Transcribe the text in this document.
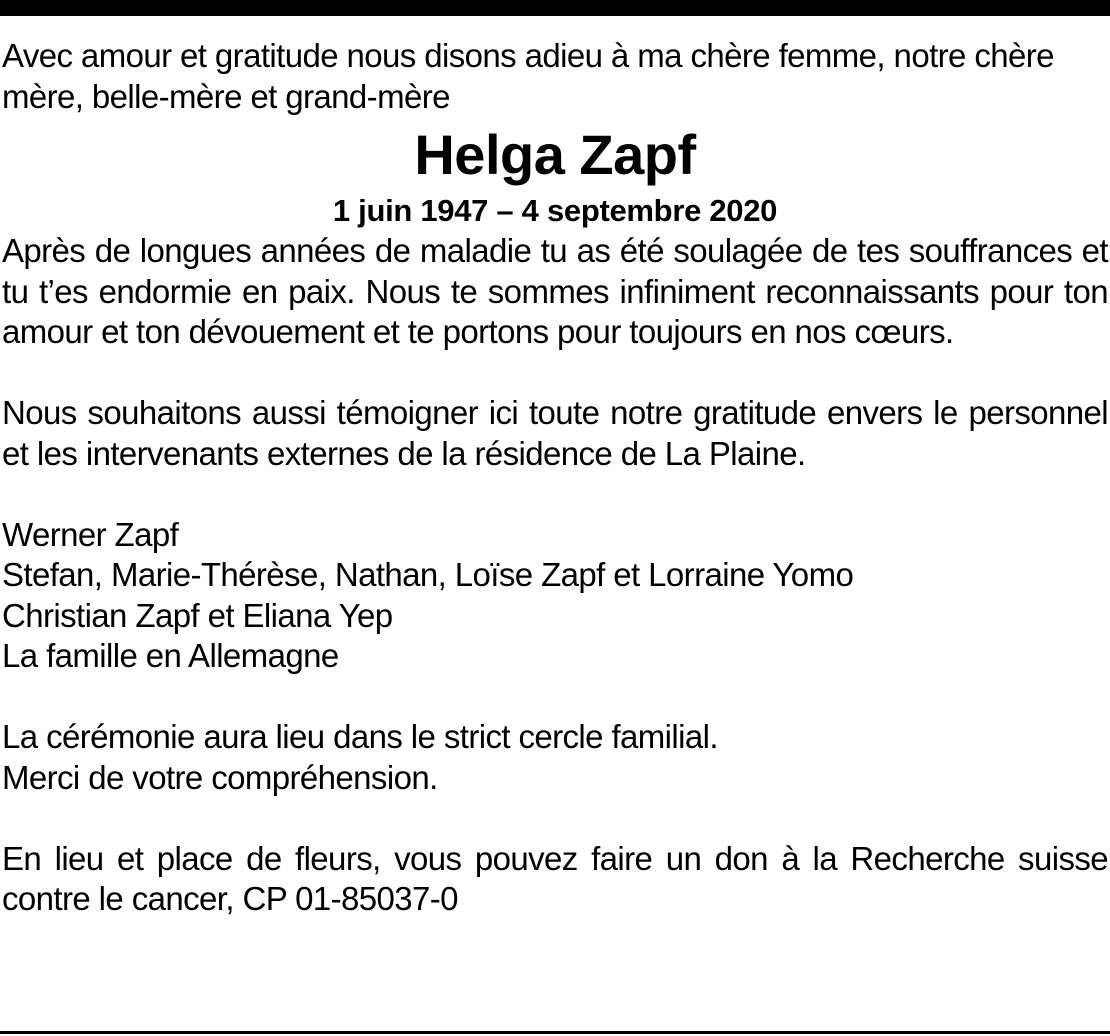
Avec amour et gratitude nous disons adieu à ma chère femme, notre chère mère, belle-mère et grand-mère

Helga Zapf
1 juin 1947 – 4 septembre 2020

Après de longues années de maladie tu as été soulagée de tes souffrances et tu t’es endormie en paix. Nous te sommes infiniment reconnaissants pour ton amour et ton dévouement et te portons pour toujours en nos cœurs.

Nous souhaitons aussi témoigner ici toute notre gratitude envers le personnel et les intervenants externes de la résidence de La Plaine.

Werner Zapf
Stefan, Marie-Thérèse, Nathan, Loïse Zapf et Lorraine Yomo
Christian Zapf et Eliana Yep
La famille en Allemagne
La cérémonie aura lieu dans le strict cercle familial.
Merci de votre compréhension.

En lieu et place de fleurs, vous pouvez faire un don à la Recherche suisse contre le cancer, CP 01-85037-0
